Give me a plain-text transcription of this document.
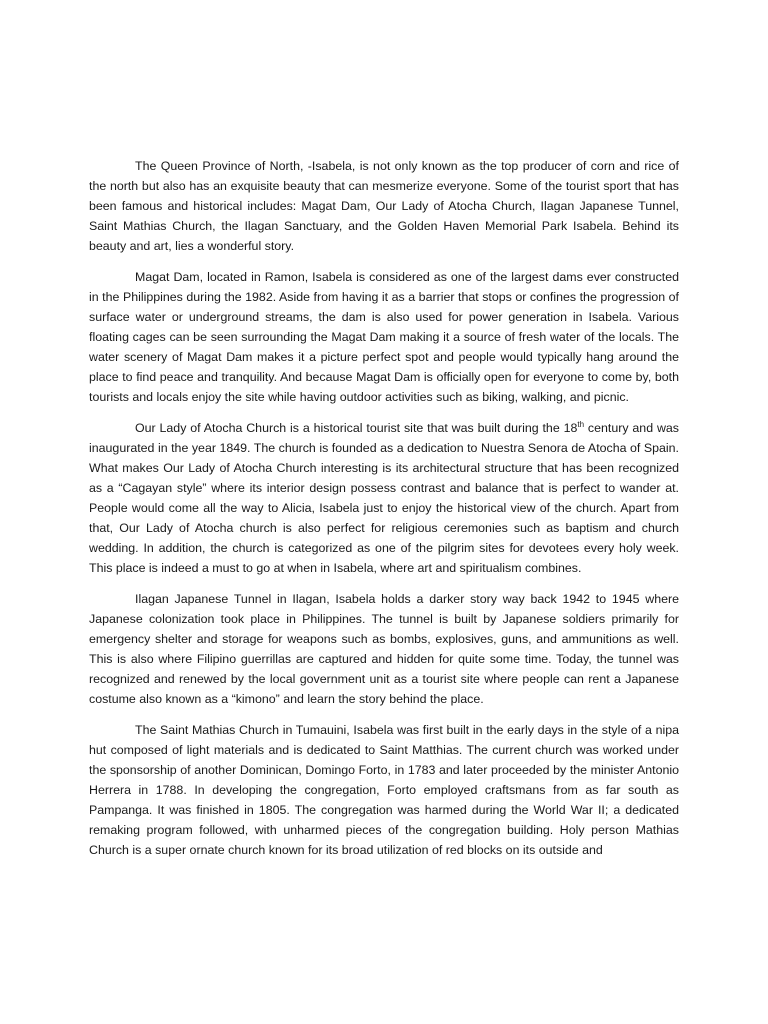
The Queen Province of North, -Isabela, is not only known as the top producer of corn and rice of the north but also has an exquisite beauty that can mesmerize everyone. Some of the tourist sport that has been famous and historical includes: Magat Dam, Our Lady of Atocha Church, Ilagan Japanese Tunnel, Saint Mathias Church, the Ilagan Sanctuary, and the Golden Haven Memorial Park Isabela. Behind its beauty and art, lies a wonderful story.

Magat Dam, located in Ramon, Isabela is considered as one of the largest dams ever constructed in the Philippines during the 1982. Aside from having it as a barrier that stops or confines the progression of surface water or underground streams, the dam is also used for power generation in Isabela. Various floating cages can be seen surrounding the Magat Dam making it a source of fresh water of the locals. The water scenery of Magat Dam makes it a picture perfect spot and people would typically hang around the place to find peace and tranquility. And because Magat Dam is officially open for everyone to come by, both tourists and locals enjoy the site while having outdoor activities such as biking, walking, and picnic.

Our Lady of Atocha Church is a historical tourist site that was built during the 18th century and was inaugurated in the year 1849. The church is founded as a dedication to Nuestra Senora de Atocha of Spain. What makes Our Lady of Atocha Church interesting is its architectural structure that has been recognized as a “Cagayan style” where its interior design possess contrast and balance that is perfect to wander at. People would come all the way to Alicia, Isabela just to enjoy the historical view of the church. Apart from that, Our Lady of Atocha church is also perfect for religious ceremonies such as baptism and church wedding. In addition, the church is categorized as one of the pilgrim sites for devotees every holy week. This place is indeed a must to go at when in Isabela, where art and spiritualism combines.

Ilagan Japanese Tunnel in Ilagan, Isabela holds a darker story way back 1942 to 1945 where Japanese colonization took place in Philippines. The tunnel is built by Japanese soldiers primarily for emergency shelter and storage for weapons such as bombs, explosives, guns, and ammunitions as well. This is also where Filipino guerrillas are captured and hidden for quite some time. Today, the tunnel was recognized and renewed by the local government unit as a tourist site where people can rent a Japanese costume also known as a “kimono” and learn the story behind the place.

The Saint Mathias Church in Tumauini, Isabela was first built in the early days in the style of a nipa hut composed of light materials and is dedicated to Saint Matthias. The current church was worked under the sponsorship of another Dominican, Domingo Forto, in 1783 and later proceeded by the minister Antonio Herrera in 1788. In developing the congregation, Forto employed craftsmans from as far south as Pampanga. It was finished in 1805. The congregation was harmed during the World War II; a dedicated remaking program followed, with unharmed pieces of the congregation building. Holy person Mathias Church is a super ornate church known for its broad utilization of red blocks on its outside and
